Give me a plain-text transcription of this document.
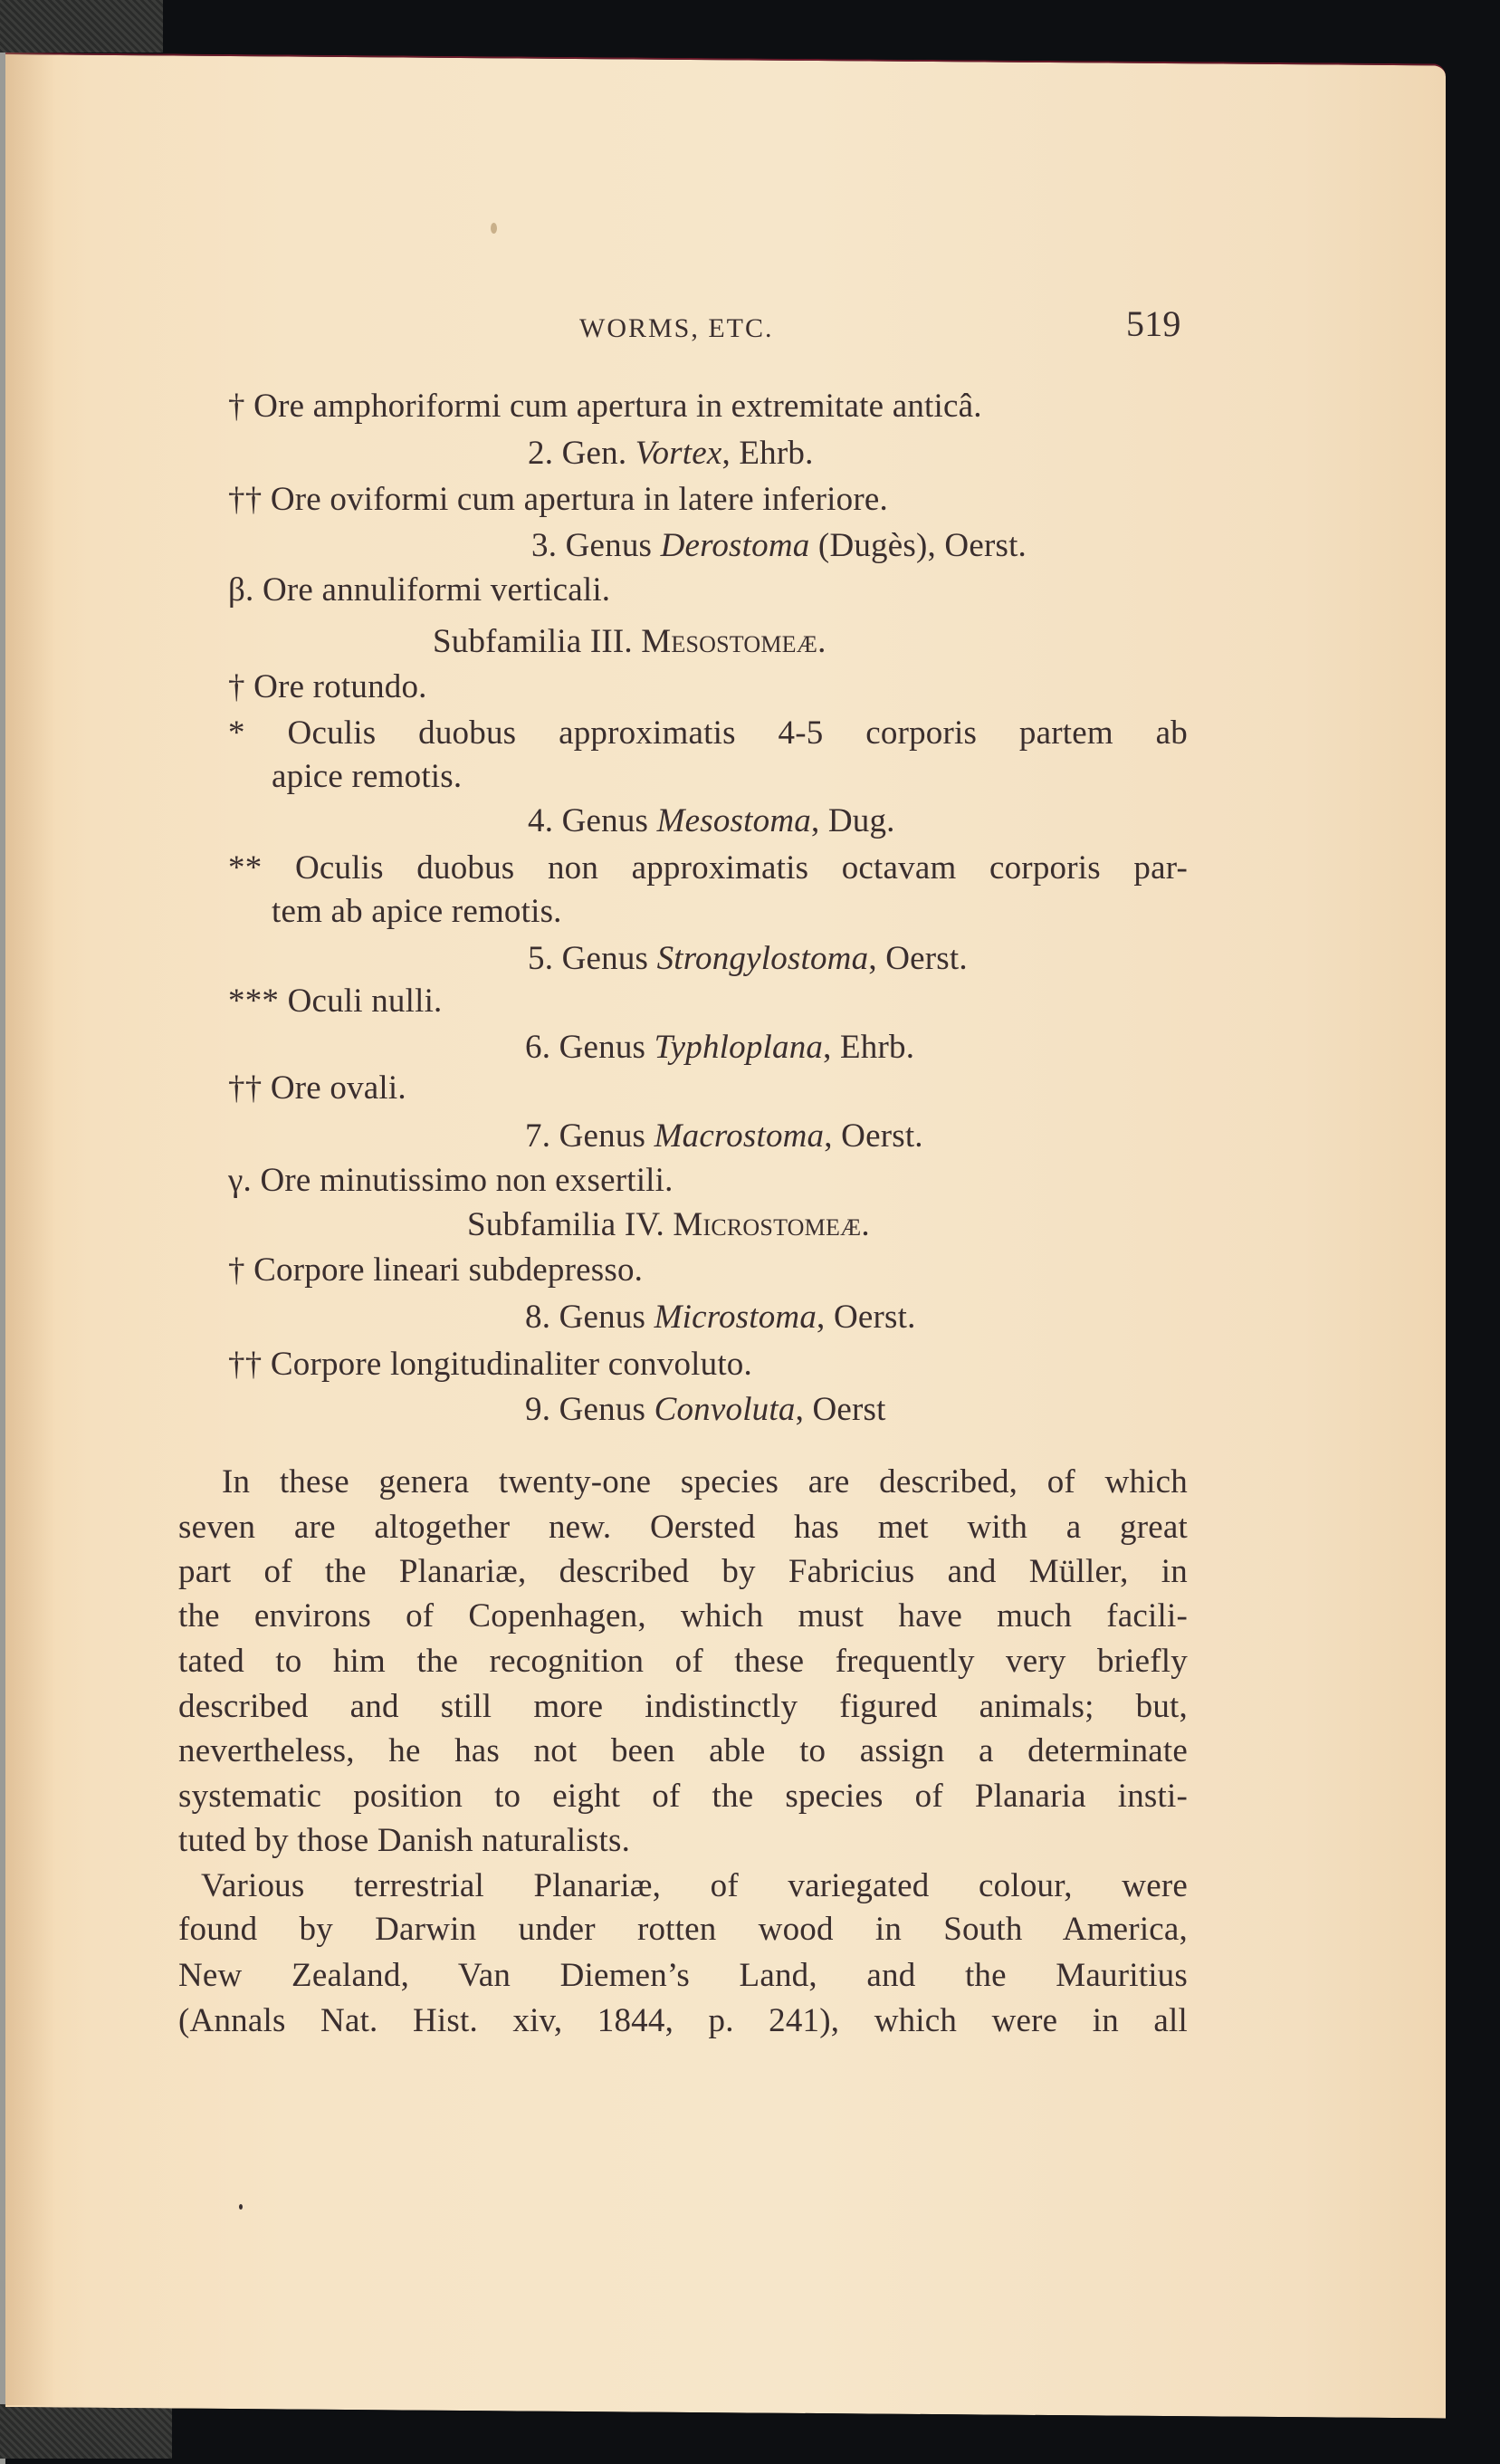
WORMS, ETC.	519
† Ore amphoriformi cum apertura in extremitate anticâ.
2. Gen. Vortex, Ehrb.
†† Ore oviformi cum apertura in latere inferiore.
3. Genus Derostoma (Dugès), Oerst.
β. Ore annuliformi verticali.
Subfamilia III. Mesostomeæ.
† Ore rotundo.
* Oculis duobus approximatis 4-5 corporis partem ab
apice remotis.
4. Genus Mesostoma, Dug.
** Oculis duobus non approximatis octavam corporis par-
tem ab apice remotis.
5. Genus Strongylostoma, Oerst.
*** Oculi nulli.
6. Genus Typhloplana, Ehrb.
†† Ore ovali.
7. Genus Macrostoma, Oerst.
γ. Ore minutissimo non exsertili.
Subfamilia IV. Microstomeæ.
† Corpore lineari subdepresso.
8. Genus Microstoma, Oerst.
†† Corpore longitudinaliter convoluto.
9. Genus Convoluta, Oerst
In these genera twenty-one species are described, of which
seven are altogether new. Oersted has met with a great
part of the Planariæ, described by Fabricius and Müller, in
the environs of Copenhagen, which must have much facili-
tated to him the recognition of these frequently very briefly
described and still more indistinctly figured animals; but,
nevertheless, he has not been able to assign a determinate
systematic position to eight of the species of Planaria insti-
tuted by those Danish naturalists.
Various terrestrial Planariæ, of variegated colour, were
found by Darwin under rotten wood in South America,
New Zealand, Van Diemen’s Land, and the Mauritius
(Annals Nat. Hist. xiv, 1844, p. 241), which were in all
